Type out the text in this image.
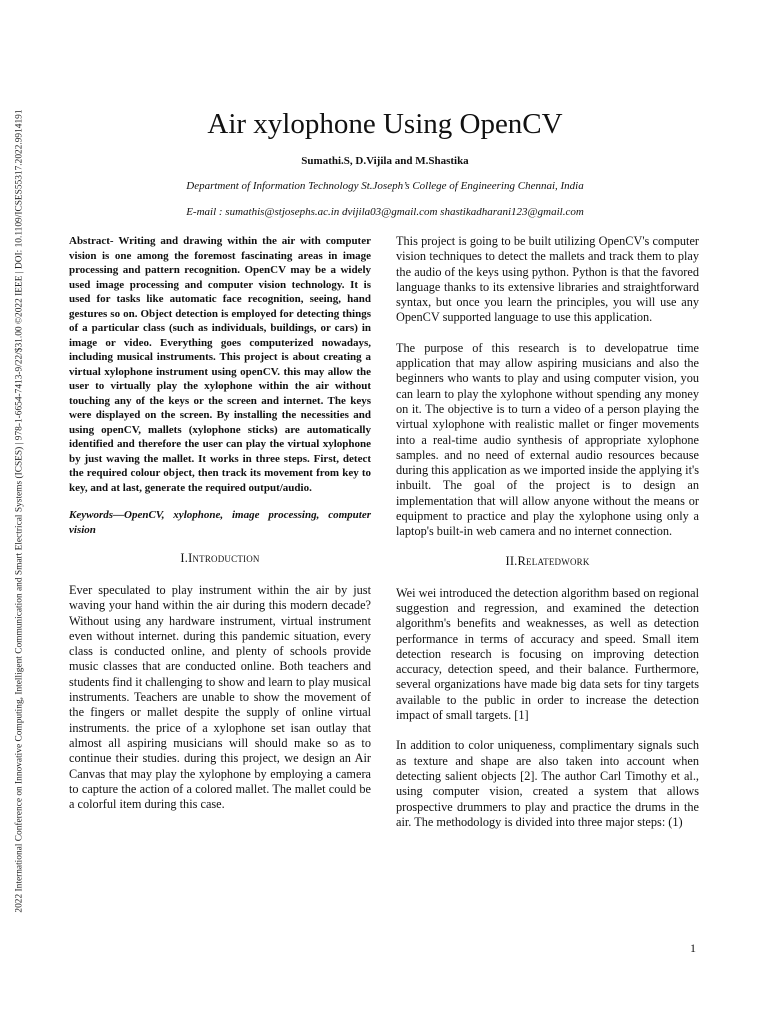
2022 International Conference on Innovative Computing, Intelligent Communication and Smart Electrical Systems (ICSES) | 978-1-6654-7413-9/22/$31.00 ©2022 IEEE | DOI: 10.1109/ICSES55317.2022.9914191	Air xylophone Using OpenCV
Sumathi.S, D.Vijila and M.Shastika
Department of Information Technology St.Joseph’s College of Engineering Chennai, India
E-mail : sumathis@stjosephs.ac.in dvijila03@gmail.com shastikadharani123@gmail.com

Abstract- Writing and drawing within the air with computer vision is one among the foremost fascinating areas in image processing and pattern recognition. OpenCV may be a widely used image processing and computer vision technology. It is used for tasks like automatic face recognition, seeing, hand gestures so on. Object detection is employed for detecting things of a particular class (such as individuals, buildings, or cars) in image or video. Everything goes computerized nowadays, including musical instruments. This project is about creating a virtual xylophone instrument using openCV. this may allow the user to virtually play the xylophone within the air without touching any of the keys or the screen and internet. The keys were displayed on the screen. By installing the necessities and using openCV, mallets (xylophone sticks) are automatically identified and therefore the user can play the virtual xylophone by just waving the mallet. It works in three steps. First, detect the required colour object, then track its movement from key to key, and at last, generate the required output/audio.

Keywords—OpenCV, xylophone, image processing, computer vision

I.Introduction

Ever speculated to play instrument within the air by just waving your hand within the air during this modern decade? Without using any hardware instrument, virtual instrument even without internet. during this pandemic situation, every class is conducted online, and plenty of schools provide music classes that are conducted online. Both teachers and students find it challenging to show and learn to play musical instruments. Teachers are unable to show the movement of the fingers or mallet despite the supply of online virtual instruments. the price of a xylophone set isan outlay that almost all aspiring musicians will should make so as to continue their studies. during this project, we design an Air Canvas that may play the xylophone by employing a camera to capture the action of a colored mallet. The mallet could be a colorful item during this case.

This project is going to be built utilizing OpenCV's computer vision techniques to detect the mallets and track them to play the audio of the keys using python. Python is that the favored language thanks to its extensive libraries and straightforward syntax, but once you learn the principles, you will use any OpenCV supported language to use this application.

The purpose of this research is to developatrue time application that may allow aspiring musicians and also the beginners who wants to play and using computer vision, you can learn to play the xylophone without spending any money on it. The objective is to turn a video of a person playing the virtual xylophone with realistic mallet or finger movements into a real-time audio synthesis of appropriate xylophone samples. and no need of external audio resources because during this application as we imported inside the applying it's inbuilt. The goal of the project is to design an implementation that will allow anyone without the means or equipment to practice and play the xylophone using only a laptop's built-in web camera and no internet connection.

II.Relatedwork

Wei wei introduced the detection algorithm based on regional suggestion and regression, and examined the detection algorithm's benefits and weaknesses, as well as detection performance in terms of accuracy and speed. Small item detection research is focusing on improving detection accuracy, detection speed, and their balance. Furthermore, several organizations have made big data sets for tiny targets available to the public in order to increase the detection impact of small targets. [1]

In addition to color uniqueness, complimentary signals such as texture and shape are also taken into account when detecting salient objects [2]. The author Carl Timothy et al., using computer vision, created a system that allows prospective drummers to play and practice the drums in the air. The methodology is divided into three major steps: (1)

1
